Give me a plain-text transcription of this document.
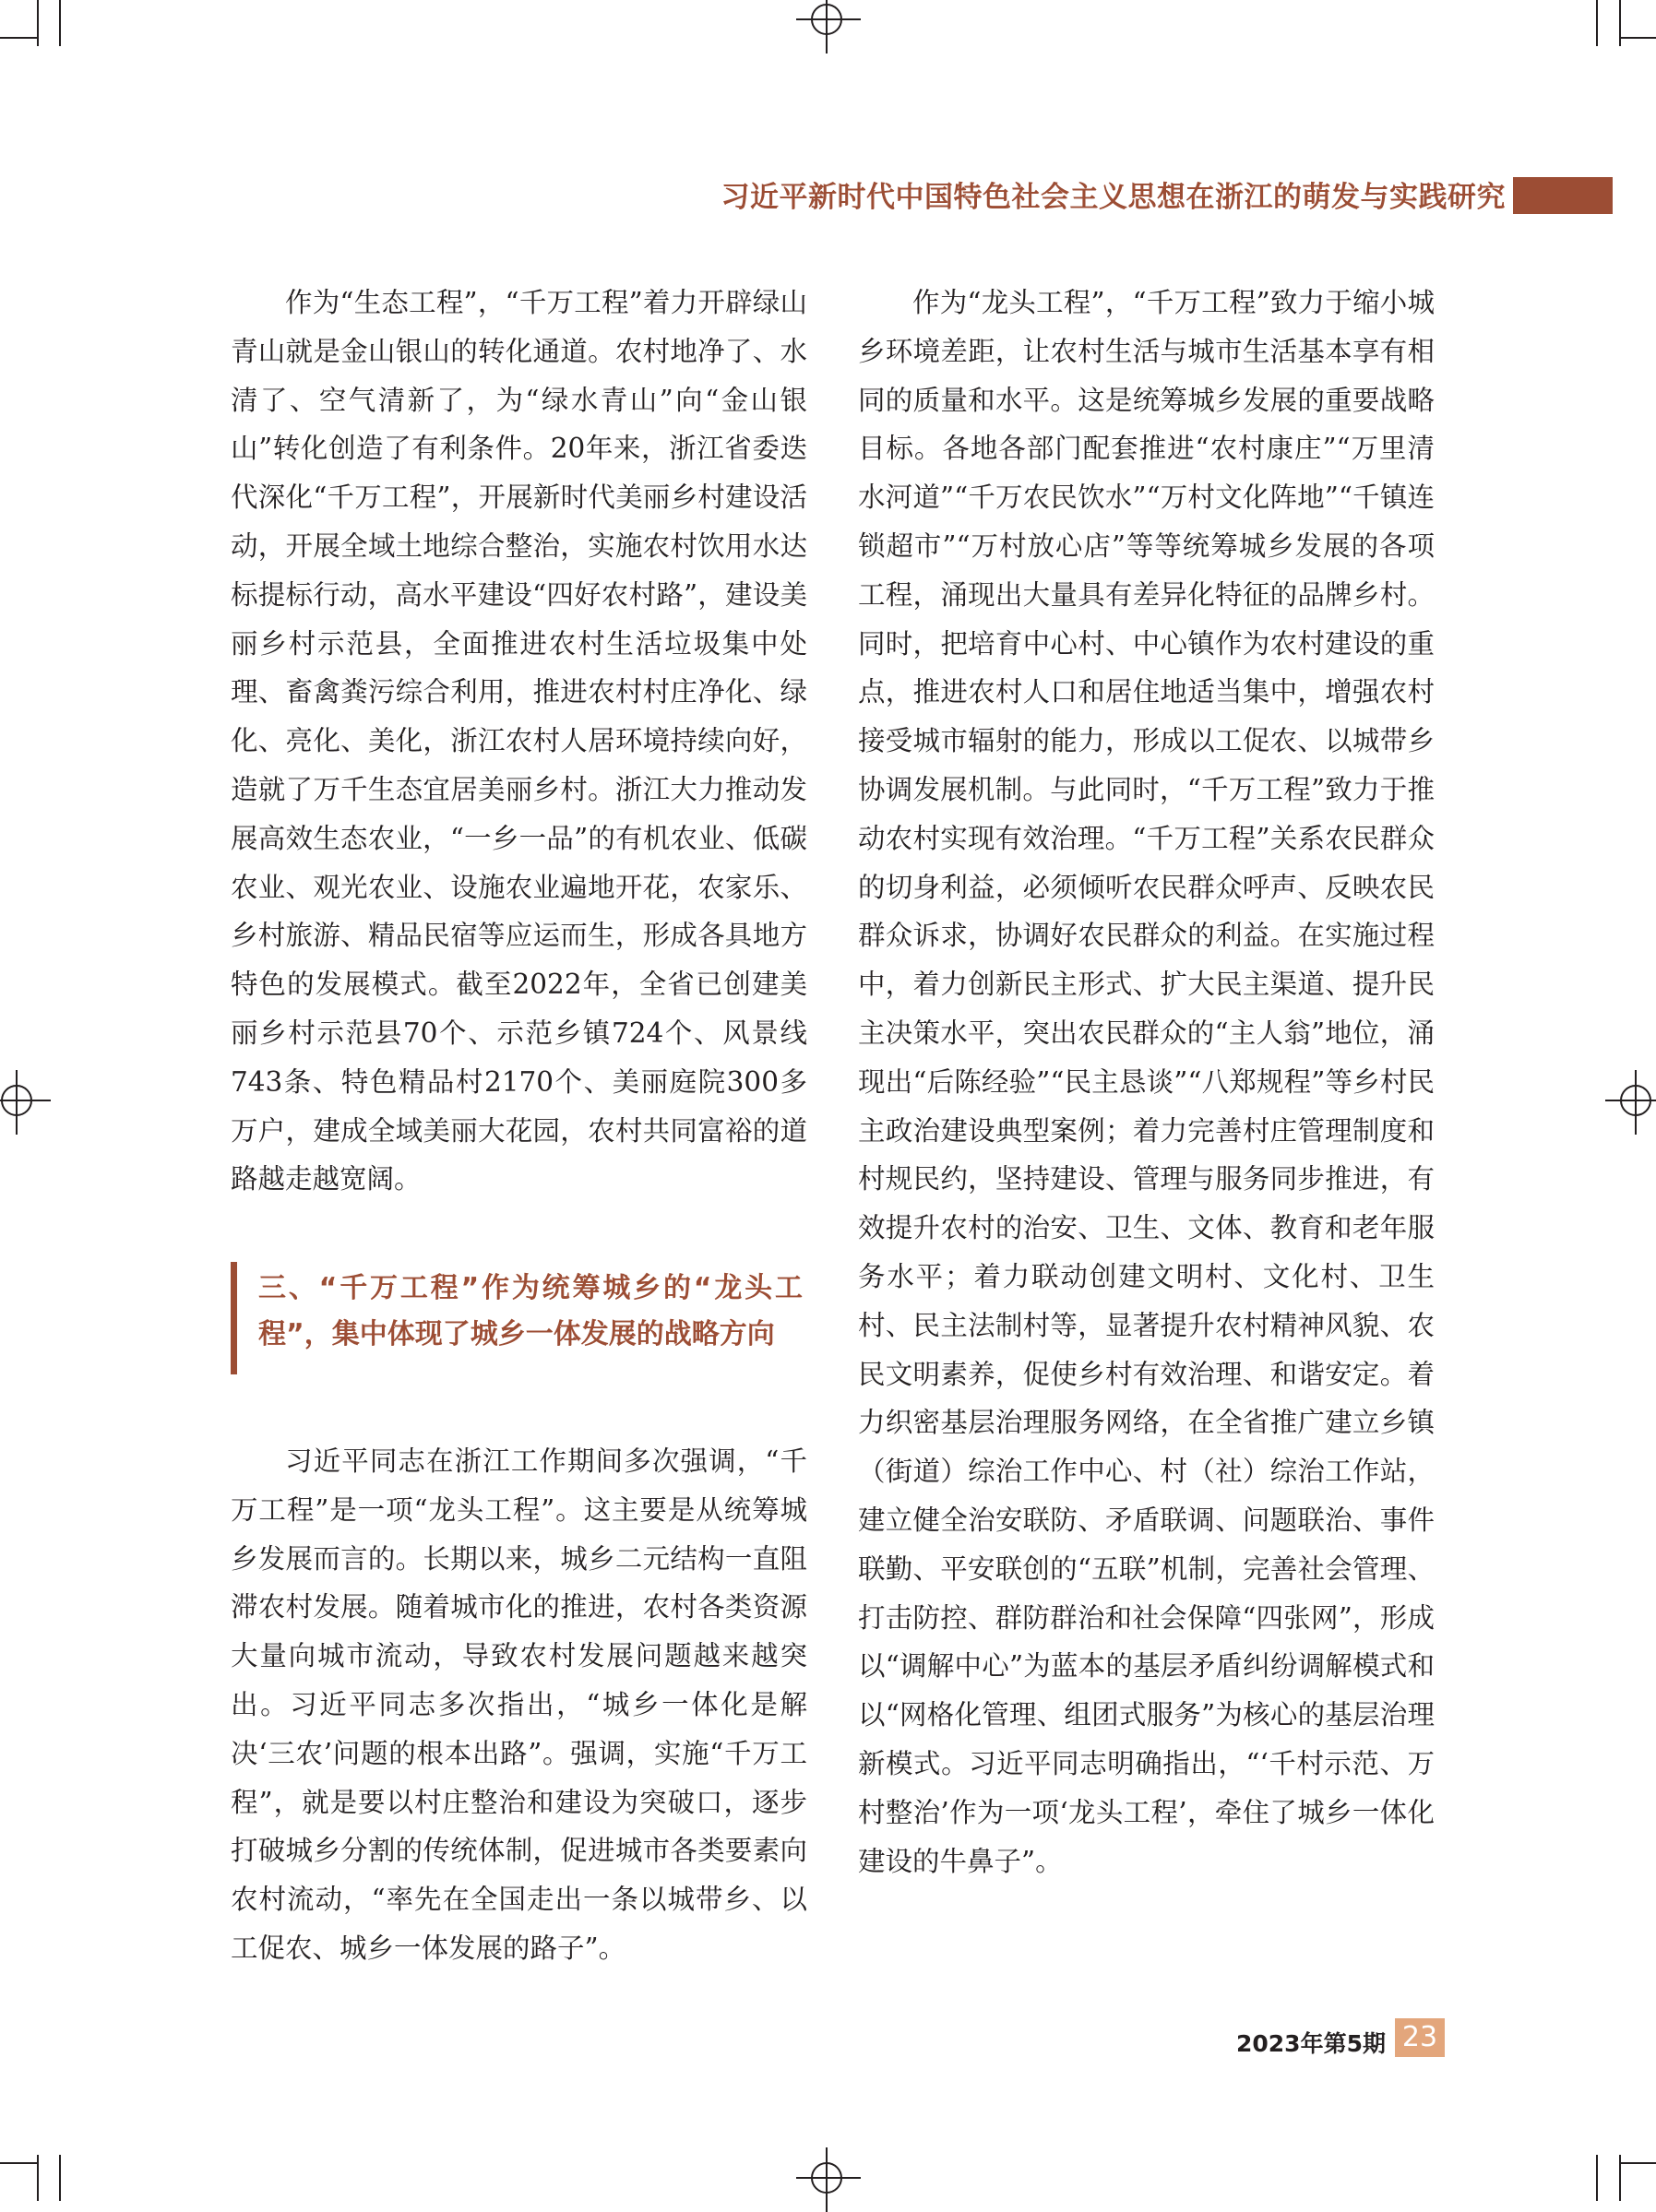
习近平新时代中国特色社会主义思想在浙江的萌发与实践研究

作为“生态工程”，“千万工程”着力开辟绿山青山就是金山银山的转化通道。农村地净了、水清了、空气清新了，为“绿水青山”向“金山银山”转化创造了有利条件。20年来，浙江省委迭代深化“千万工程”，开展新时代美丽乡村建设活动，开展全域土地综合整治，实施农村饮用水达标提标行动，高水平建设“四好农村路”，建设美丽乡村示范县，全面推进农村生活垃圾集中处理、畜禽粪污综合利用，推进农村村庄净化、绿化、亮化、美化，浙江农村人居环境持续向好，造就了万千生态宜居美丽乡村。浙江大力推动发展高效生态农业，“一乡一品”的有机农业、低碳农业、观光农业、设施农业遍地开花，农家乐、乡村旅游、精品民宿等应运而生，形成各具地方特色的发展模式。截至2022年，全省已创建美丽乡村示范县70个、示范乡镇724个、风景线743条、特色精品村2170个、美丽庭院300多万户，建成全域美丽大花园，农村共同富裕的道路越走越宽阔。

三、“千万工程”作为统筹城乡的“龙头工程”，集中体现了城乡一体发展的战略方向

习近平同志在浙江工作期间多次强调，“千万工程”是一项“龙头工程”。这主要是从统筹城乡发展而言的。长期以来，城乡二元结构一直阻滞农村发展。随着城市化的推进，农村各类资源大量向城市流动，导致农村发展问题越来越突出。习近平同志多次指出，“城乡一体化是解决‘三农’问题的根本出路”。强调，实施“千万工程”，就是要以村庄整治和建设为突破口，逐步打破城乡分割的传统体制，促进城市各类要素向农村流动，“率先在全国走出一条以城带乡、以工促农、城乡一体发展的路子”。

作为“龙头工程”，“千万工程”致力于缩小城乡环境差距，让农村生活与城市生活基本享有相同的质量和水平。这是统筹城乡发展的重要战略目标。各地各部门配套推进“农村康庄”“万里清水河道”“千万农民饮水”“万村文化阵地”“千镇连锁超市”“万村放心店”等等统筹城乡发展的各项工程，涌现出大量具有差异化特征的品牌乡村。同时，把培育中心村、中心镇作为农村建设的重点，推进农村人口和居住地适当集中，增强农村接受城市辐射的能力，形成以工促农、以城带乡协调发展机制。与此同时，“千万工程”致力于推动农村实现有效治理。“千万工程”关系农民群众的切身利益，必须倾听农民群众呼声、反映农民群众诉求，协调好农民群众的利益。在实施过程中，着力创新民主形式、扩大民主渠道、提升民主决策水平，突出农民群众的“主人翁”地位，涌现出“后陈经验”“民主恳谈”“八郑规程”等乡村民主政治建设典型案例；着力完善村庄管理制度和村规民约，坚持建设、管理与服务同步推进，有效提升农村的治安、卫生、文体、教育和老年服务水平；着力联动创建文明村、文化村、卫生村、民主法制村等，显著提升农村精神风貌、农民文明素养，促使乡村有效治理、和谐安定。着力织密基层治理服务网络，在全省推广建立乡镇（街道）综治工作中心、村（社）综治工作站，建立健全治安联防、矛盾联调、问题联治、事件联勤、平安联创的“五联”机制，完善社会管理、打击防控、群防群治和社会保障“四张网”，形成以“调解中心”为蓝本的基层矛盾纠纷调解模式和以“网格化管理、组团式服务”为核心的基层治理新模式。习近平同志明确指出，“‘千村示范、万村整治’作为一项‘龙头工程’，牵住了城乡一体化建设的牛鼻子”。

2023年第5期 23
